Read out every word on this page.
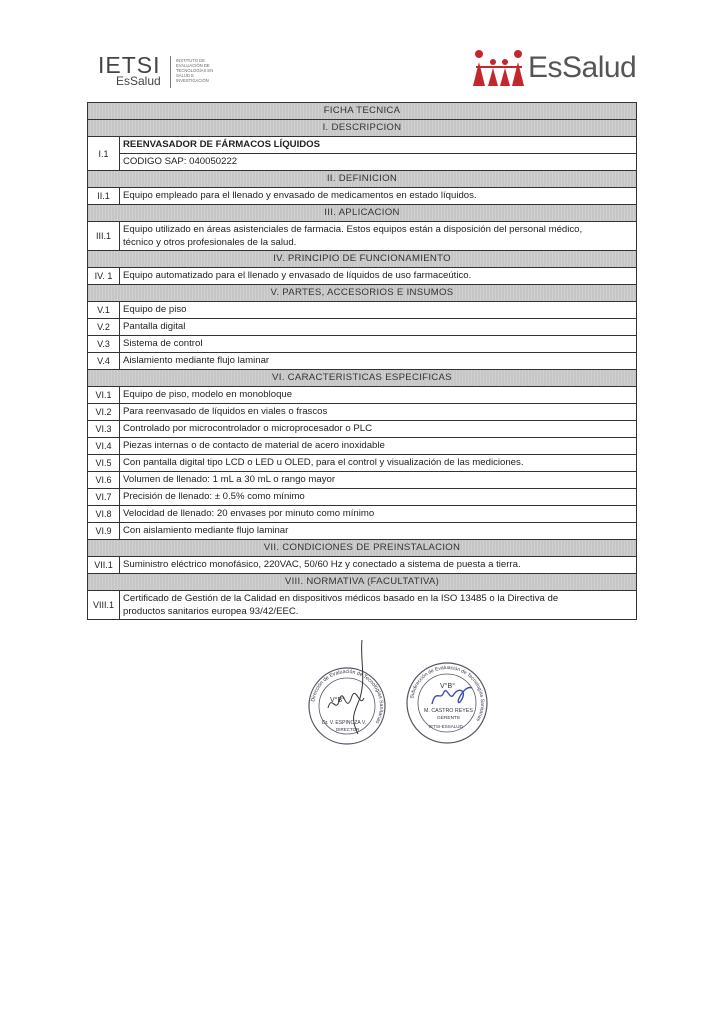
IETSI
EsSalud
INSTITUTO DE EVALUACIÓN DE TECNOLOGÍAS EN SALUD E INVESTIGACIÓN	EsSalud
FICHA TECNICA	
I. DESCRIPCION	
I.1	REENVASADOR DE FÁRMACOS LÍQUIDOS
	CODIGO SAP: 040050222
II. DEFINICION	
II.1	Equipo empleado para el llenado y envasado de medicamentos en estado líquidos.
III. APLICACION	
III.1	Equipo utilizado en áreas asistenciales de farmacia. Estos equipos están a disposición del personal médico,
técnico y otros profesionales de la salud.

IV. PRINCIPIO DE FUNCIONAMIENTO	
IV. 1	Equipo automatizado para el llenado y envasado de líquidos de uso farmaceútico.
V. PARTES, ACCESORIOS E INSUMOS	
V.1	Equipo de piso
V.2	Pantalla digital
V.3	Sistema de control
V.4	Aislamiento mediante flujo laminar
VI. CARACTERISTICAS ESPECIFICAS	
VI.1	Equipo de piso, modelo en monobloque
VI.2	Para reenvasado de líquidos en viales o frascos
VI.3	Controlado por microcontrolador o microprocesador o PLC
VI.4	Piezas internas o de contacto de material de acero inoxidable
VI.5	Con pantalla digital tipo LCD o LED u OLED, para el control y visualización de las mediciones.
VI.6	Volumen de llenado: 1 mL a 30 mL o rango mayor
VI.7	Precisión de llenado: ± 0.5% como mínimo
VI.8	Velocidad de llenado: 20 envases por minuto como mínimo
VI.9	Con aislamiento mediante flujo laminar
VII. CONDICIONES DE PREINSTALACION	
VII.1	Suministro eléctrico monofásico, 220VAC, 50/60 Hz y conectado a sistema de puesta a tierra.
VIII. NORMATIVA (FACULTATIVA)	
VIII.1	Certificado de Gestión de la Calidad en dispositivos médicos basado en la ISO 13485 o la Directiva de
productos sanitarios europea 93/42/EEC.
Dirección de Evaluación de Tecnologías Sanitarias
V°B°
Dr. V. ESPINOZA V.
DIRECTOR
Subdirección de Evaluación de Tecnologías Sanitarias
V°B°
M. CASTRO REYES
GERENTE
IETSI-ESSALUD
